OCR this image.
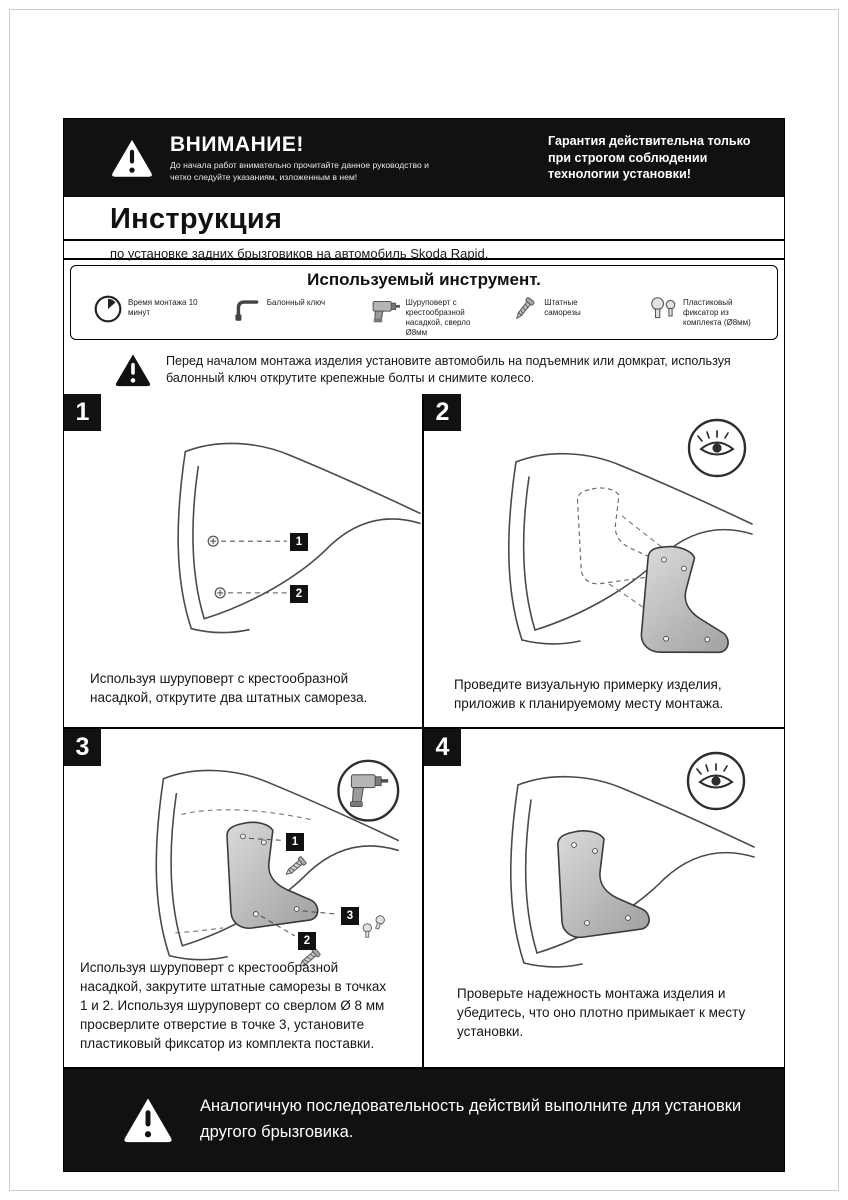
ВНИМАНИЕ!
До начала работ внимательно прочитайте данное руководство и четко следуйте указаниям, изложенным в нем!
Гарантия действительна только при строгом соблюдении технологии установки!
Инструкция
по установке задних брызговиков на автомобиль Skoda Rapid.
Используемый инструмент.
Время монтажа 10 минут
Балонный ключ	Шуруповерт с крестообразной насадкой, сверло Ø8мм
Штатные саморезы
Пластиковый фиксатор из комплекта (Ø8мм)
Перед началом монтажа изделия установите автомобиль на подъемник или домкрат, используя балонный ключ открутите крепежные болты и снимите колесо.
1
1
2
Используя шуруповерт с крестообразной насадкой, открутите два штатных самореза.
2
Проведите визуальную примерку изделия, приложив к планируемому месту монтажа.
3
1
2
3
Используя шуруповерт с крестообразной насадкой, закрутите штатные саморезы в точках 1 и 2. Используя шуруповерт со сверлом Ø 8 мм просверлите отверстие в точке 3, установите пластиковый фиксатор из комплекта поставки.
4
Проверьте надежность монтажа изделия и убедитесь, что оно плотно примыкает к месту установки.
Аналогичную последовательность действий выполните для установки другого брызговика.
